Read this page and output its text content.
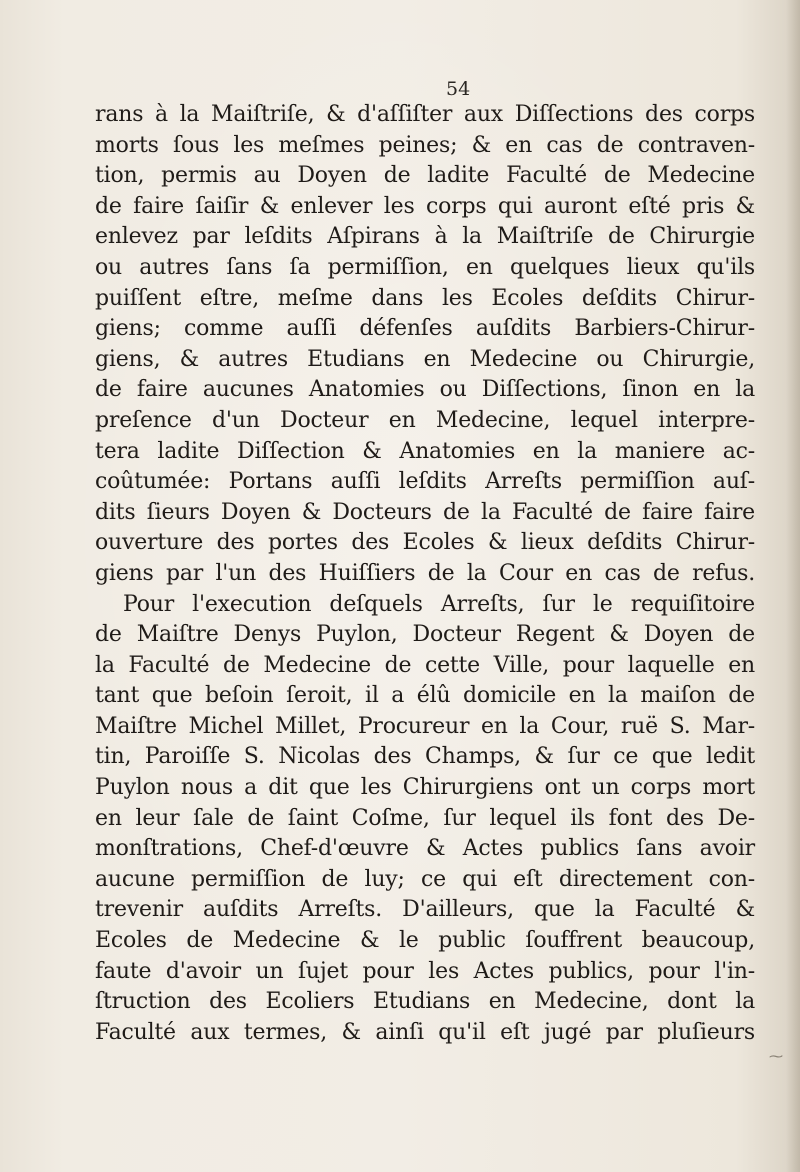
54
rans à la Maiſtriſe, & d'aſſiſter aux Diſſections des corps
morts ſous les meſmes peines; & en cas de contraven-
tion, permis au Doyen de ladite Faculté de Medecine
de faire ſaiſir & enlever les corps qui auront eſté pris &
enlevez par leſdits Aſpirans à la Maiſtriſe de Chirurgie
ou autres ſans ſa permiſſion, en quelques lieux qu'ils
puiſſent eſtre, meſme dans les Ecoles deſdits Chirur-
giens; comme auſſi défenſes auſdits Barbiers-Chirur-
giens, & autres Etudians en Medecine ou Chirurgie,
de faire aucunes Anatomies ou Diſſections, ſinon en la
preſence d'un Docteur en Medecine, lequel interpre-
tera ladite Diſſection & Anatomies en la maniere ac-
coûtumée: Portans auſſi leſdits Arreſts permiſſion auſ-
dits ſieurs Doyen & Docteurs de la Faculté de faire faire
ouverture des portes des Ecoles & lieux deſdits Chirur-
giens par l'un des Huiſſiers de la Cour en cas de refus.
Pour l'execution deſquels Arreſts, ſur le requiſitoire
de Maiſtre Denys Puylon, Docteur Regent & Doyen de
la Faculté de Medecine de cette Ville, pour laquelle en
tant que beſoin ſeroit, il a élû domicile en la maiſon de
Maiſtre Michel Millet, Procureur en la Cour, ruë S. Mar-
tin, Paroiſſe S. Nicolas des Champs, & ſur ce que ledit
Puylon nous a dit que les Chirurgiens ont un corps mort
en leur ſale de ſaint Coſme, ſur lequel ils font des De-
monſtrations, Chef-d'œuvre & Actes publics ſans avoir
aucune permiſſion de luy; ce qui eſt directement con-
trevenir auſdits Arreſts. D'ailleurs, que la Faculté &
Ecoles de Medecine & le public ſouffrent beaucoup,
faute d'avoir un ſujet pour les Actes publics, pour l'in-
ſtruction des Ecoliers Etudians en Medecine, dont la
Faculté aux termes, & ainſi qu'il eſt jugé par pluſieurs
⁓
